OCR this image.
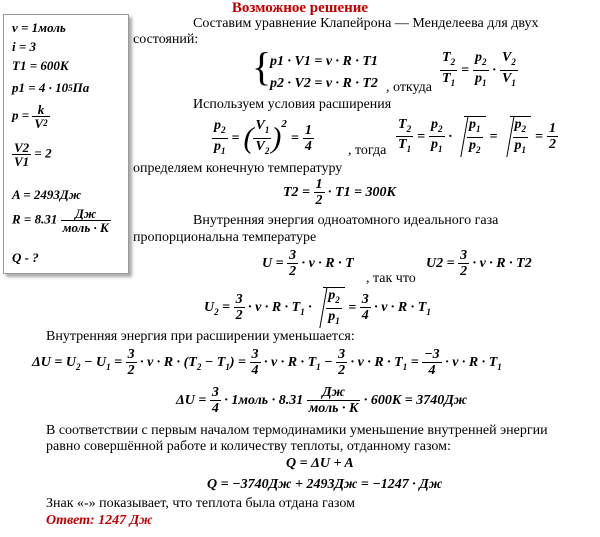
Возможное решение
ν = 1моль
i = 3
T1 = 600K
$p1 = 4 \cdot 10^5Па$
$p = \frac{k}{V^2}$
$\frac{V2}{V1} = 2$
A = 2493Дж
$R = 8.31 \frac{Дж}{\text{моль · K}}$
Q - ?
Составим уравнение Клапейрона — Менделеева для двух
состояний:
{
p1 · V1 = ν · R · T1
p2 · V2 = ν · R · T2 , откуда $\frac{T_2}{T_1} = \frac{p_2}{p_1} \cdot \frac{V_2}{V_1}$
Используем условия расширения
$\frac{p_2}{p_1}$ = ( $\frac{V_1}{V_2} )^2 = \frac{1}{4}$ , тогда $\frac{T_2}{T_1} = \frac{p_2}{p_1} \cdot \frac{p_1}{p_2} = \frac{p_2}{p_1} = \frac{1}{2}$
определяем конечную температуру
$T2 = \frac{1}{2} \cdot T1 = 300K$
Внутренняя энергия одноатомного идеального газа
пропорциональна температуре
$U = \frac{3}{2} \cdot \nu \cdot R \cdot T$
, так что
$U2 = \frac{3}{2} \cdot \nu \cdot R \cdot T2$
$U_2 = \frac{3}{2} \cdot \nu \cdot R \cdot T_1 \cdot \frac{p_2}{p_1} = \frac{3}{4} \cdot \nu \cdot R \cdot T_1$
Внутренняя энергия при расширении уменьшается:
$\Delta U = U_2 - U_1 = \frac{3}{2} \cdot \nu \cdot R \cdot (T_2 - T_1) = \frac{3}{4} \cdot \nu \cdot R \cdot T_1 - \frac{3}{2} \cdot \nu \cdot R \cdot T_1 = \frac{-3}{4} \cdot \nu \cdot R \cdot T_1$
$\Delta U = \frac{3}{4}$ · 1моль · 8.31
Дж
моль · K
· 600K = 3740Дж
В соответствии с первым началом термодинамики уменьшение внутренней энергии
равно совершённой работе и количеству теплоты, отданному газом:
Q = ΔU + A
Q = −3740Дж + 2493Дж = −1247 · Дж
Знак «-» показывает, что теплота была отдана газом
Ответ: 1247 Дж
